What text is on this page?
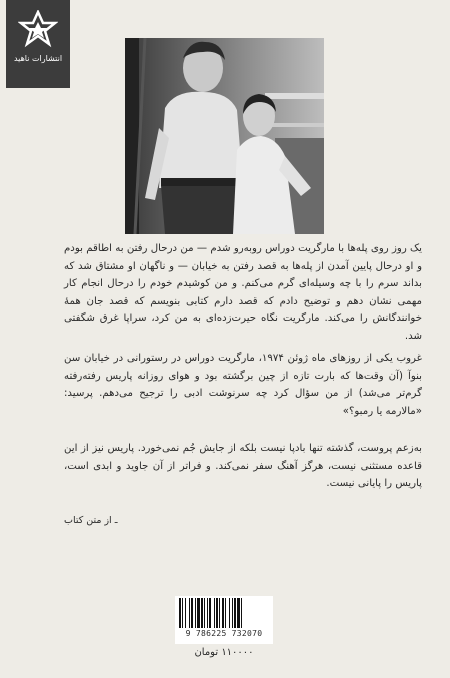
انتشارات ناهید

یک روز روی پله‌ها با مارگریت دوراس روبه‌رو شدم — من درحال رفتن به اطاقم بودم و او درحال پایین آمدن از پله‌ها به قصد رفتن به خیابان — و ناگهان او مشتاق شد که بداند سرم را با چه وسیله‌ای گرم می‌کنم. و من کوشیدم خودم را درحال انجام کار مهمی نشان دهم و توضیح دادم که قصد دارم کتابی بنویسم که قصد جان همهٔ خوانندگانش را می‌کند. مارگریت نگاه حیرت‌زده‌ای به من کرد، سراپا غرق شگفتی شد.

غروب یکی از روزهای ماه ژوئن ۱۹۷۴، مارگریت دوراس در رستورانی در خیابان سن بنوآ (آن وقت‌ها که بارت تازه از چین برگشته بود و هوای روزانه پاریس رفته‌رفته گرم‌تر می‌شد) از من سؤال کرد چه سرنوشت ادبی را ترجیح می‌دهم. پرسید: «مالارمه یا رمبو؟»

به‌زعم پروست، گذشته تنها بادپا نیست بلکه از جایش جُم نمی‌خورد. پاریس نیز از این قاعده مستثنی نیست، هرگز آهنگ سفر نمی‌کند. و فراتر از آن جاوید و ابدی است، پاریس را پایانی نیست.

ـ از متن کتاب
9 786225 732070
۱۱۰۰۰۰ تومان
